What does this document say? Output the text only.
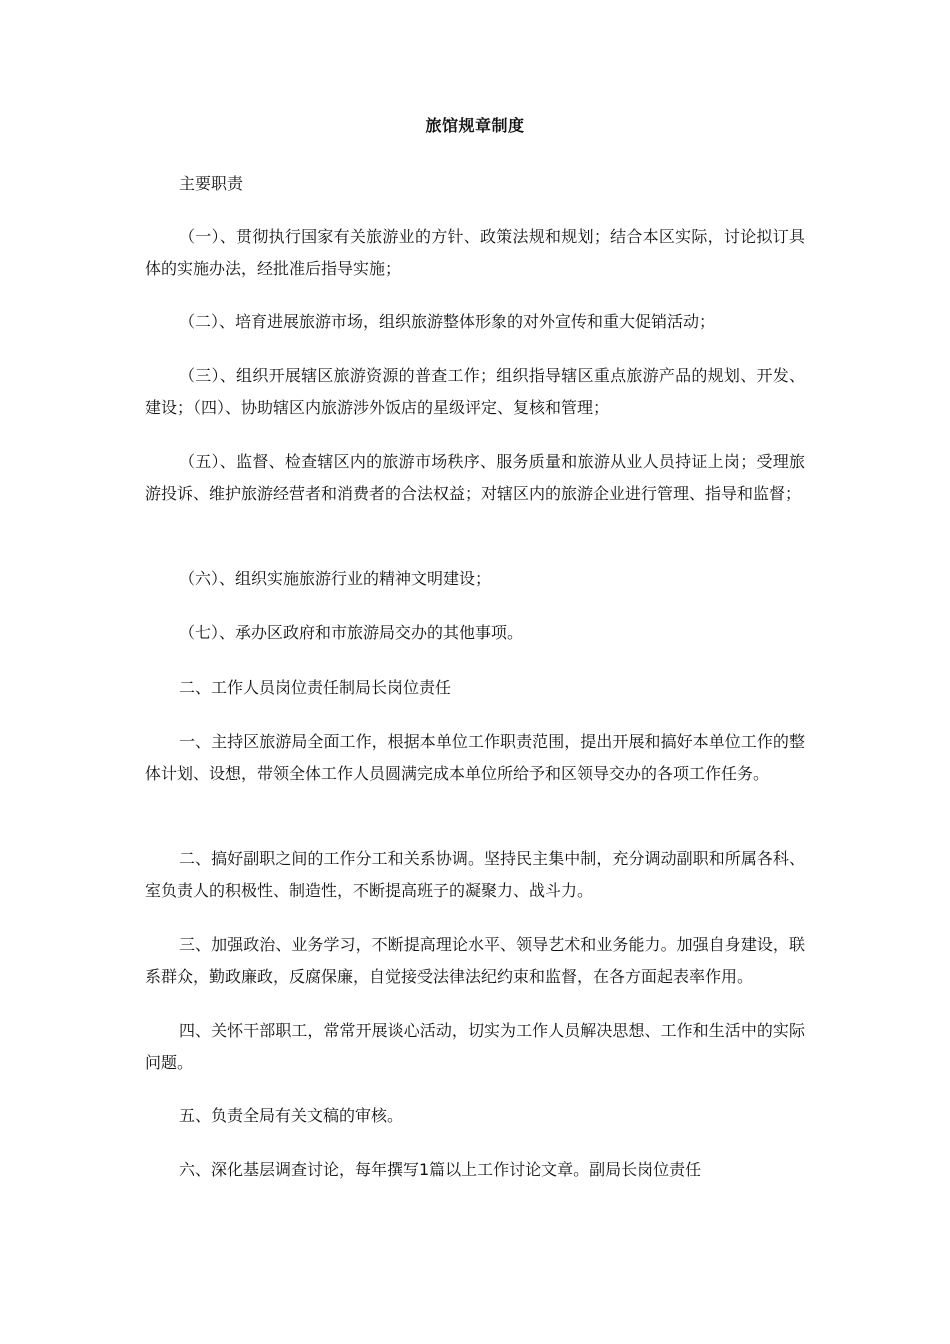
旅馆规章制度

主要职责

（一）、贯彻执行国家有关旅游业的方针、政策法规和规划；结合本区实际，讨论拟订具体的实施办法，经批准后指导实施；

（二）、培育进展旅游市场，组织旅游整体形象的对外宣传和重大促销活动；

（三）、组织开展辖区旅游资源的普查工作；组织指导辖区重点旅游产品的规划、开发、建设；（四）、协助辖区内旅游涉外饭店的星级评定、复核和管理；

（五）、监督、检查辖区内的旅游市场秩序、服务质量和旅游从业人员持证上岗；受理旅游投诉、维护旅游经营者和消费者的合法权益；对辖区内的旅游企业进行管理、指导和监督；

（六）、组织实施旅游行业的精神文明建设；

（七）、承办区政府和市旅游局交办的其他事项。

二、工作人员岗位责任制局长岗位责任

一、主持区旅游局全面工作，根据本单位工作职责范围，提出开展和搞好本单位工作的整体计划、设想，带领全体工作人员圆满完成本单位所给予和区领导交办的各项工作任务。

二、搞好副职之间的工作分工和关系协调。坚持民主集中制，充分调动副职和所属各科、室负责人的积极性、制造性，不断提高班子的凝聚力、战斗力。

三、加强政治、业务学习，不断提高理论水平、领导艺术和业务能力。加强自身建设，联系群众，勤政廉政，反腐保廉，自觉接受法律法纪约束和监督，在各方面起表率作用。

四、关怀干部职工，常常开展谈心活动，切实为工作人员解决思想、工作和生活中的实际问题。

五、负责全局有关文稿的审核。

六、深化基层调查讨论，每年撰写1篇以上工作讨论文章。副局长岗位责任
